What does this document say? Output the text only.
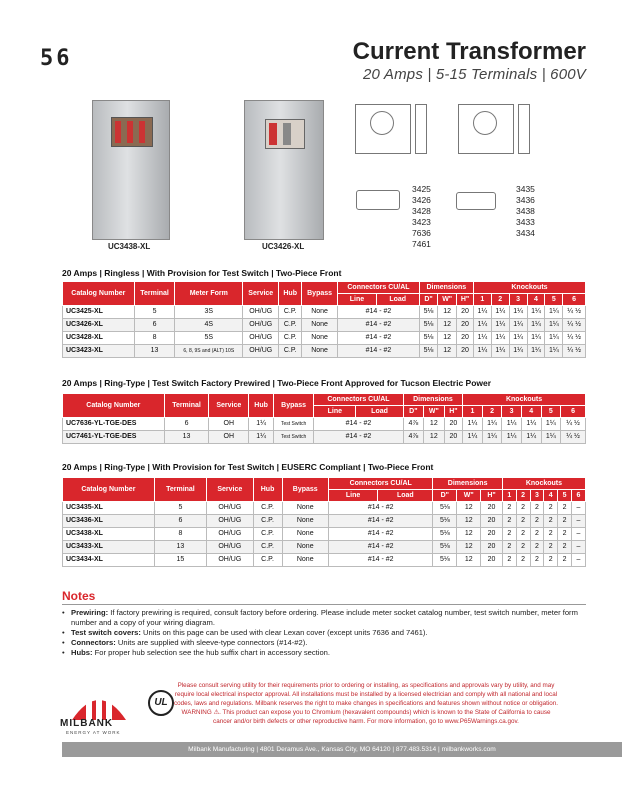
56	Current Transformer
20 Amps | 5-15 Terminals | 600V
UC3438-XL	UC3426-XL
3425
3426
3428
3423
7636
7461
3435
3436
3438
3433
3434
20 Amps | Ringless | With Provision for Test Switch | Two-Piece Front
Catalog Number	Terminal	Meter Form	Service	Hub	Bypass	Connectors CU/AL		Dimensions			Knockouts					
						Line	Load	D"	W"	H"	1	2	3	4	5	6
UC3425-XL	5	3S	OH/UG	C.P.	None	#14 - #2		5⅛	12	20	1¼	1¼	1¼	1¼	1¼	¼ ½
UC3426-XL	6	4S	OH/UG	C.P.	None	#14 - #2		5⅛	12	20	1¼	1¼	1¼	1¼	1¼	¼ ½
UC3428-XL	8	5S	OH/UG	C.P.	None	#14 - #2		5⅛	12	20	1¼	1¼	1¼	1¼	1¼	¼ ½
UC3423-XL	13	6, 8, 9S and (ALT) 10S	OH/UG	C.P.	None	#14 - #2		5⅛	12	20	1¼	1¼	1¼	1¼	1¼	¼ ½
20 Amps | Ring-Type | Test Switch Factory Prewired | Two-Piece Front Approved for Tucson Electric Power
Catalog Number	Terminal	Service	Hub	Bypass	Connectors CU/AL		Dimensions			Knockouts					
					Line	Load	D"	W"	H"	1	2	3	4	5	6
UC7636-YL-TGE-DES	6	OH	1¼	Test Switch	#14 - #2		4⅞	12	20	1¼	1¼	1¼	1¼	1¼	¼ ½
UC7461-YL-TGE-DES	13	OH	1¼	Test Switch	#14 - #2		4⅞	12	20	1¼	1¼	1¼	1¼	1¼	¼ ½
20 Amps | Ring-Type | With Provision for Test Switch | EUSERC Compliant | Two-Piece Front
Catalog Number	Terminal	Service	Hub	Bypass	Connectors CU/AL		Dimensions			Knockouts					
					Line	Load	D"	W"	H"	1	2	3	4	5	6
UC3435-XL	5	OH/UG	C.P.	None	#14 - #2		5⅛	12	20	2	2	2	2	2	–
UC3436-XL	6	OH/UG	C.P.	None	#14 - #2		5⅛	12	20	2	2	2	2	2	–
UC3438-XL	8	OH/UG	C.P.	None	#14 - #2		5⅛	12	20	2	2	2	2	2	–
UC3433-XL	13	OH/UG	C.P.	None	#14 - #2		5⅛	12	20	2	2	2	2	2	–
UC3434-XL	15	OH/UG	C.P.	None	#14 - #2		5⅛	12	20	2	2	2	2	2	–
Notes
• Prewiring: If factory prewiring is required, consult factory before ordering. Please include meter socket catalog number, test switch number, meter form number and a copy of your wiring diagram.
• Test switch covers: Units on this page can be used with clear Lexan cover (except units 7636 and 7461).
• Connectors: Units are supplied with sleeve-type connectors (#14-#2).
• Hubs: For proper hub selection see the hub suffix chart in accessory section.
MILBANK
ENERGY AT WORK
UL
Please consult serving utility for their requirements prior to ordering or installing, as specifications and approvals vary by utility, and may require local electrical inspector approval. All installations must be installed by a licensed electrician and comply with all national and local codes, laws and regulations. Milbank reserves the right to make changes in specifications and features shown without notice or obligation. WARNING ⚠. This product can expose you to Chromium (hexavalent compounds) which is known to the State of California to cause cancer and/or birth defects or other reproductive harm. For more information, go to www.P65Warnings.ca.gov.
Milbank Manufacturing | 4801 Deramus Ave., Kansas City, MO 64120 | 877.483.5314 | milbankworks.com
